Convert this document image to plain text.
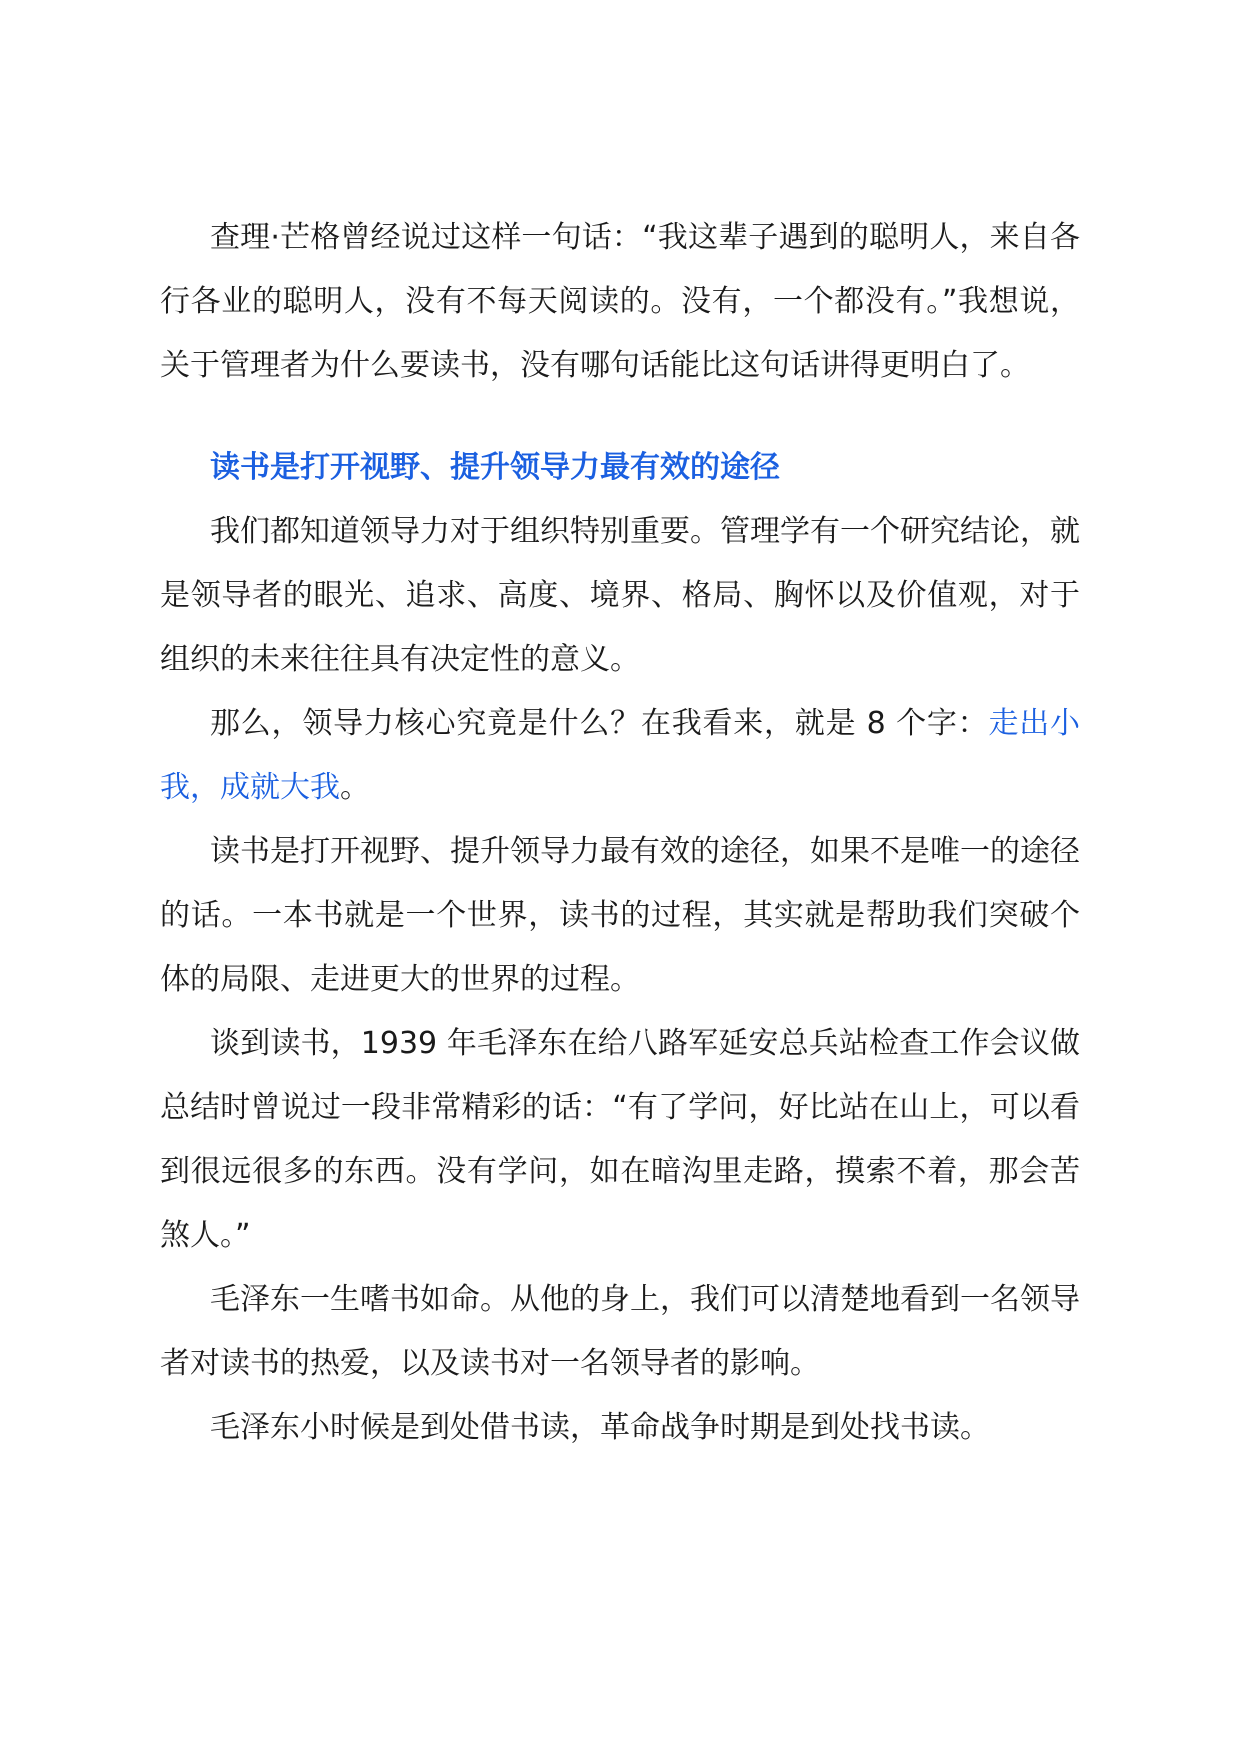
查理·芒格曾经说过这样一句话：“我这辈子遇到的聪明人，来自各行各业的聪明人，没有不每天阅读的。没有，一个都没有。”我想说，关于管理者为什么要读书，没有哪句话能比这句话讲得更明白了。

读书是打开视野、提升领导力最有效的途径

我们都知道领导力对于组织特别重要。管理学有一个研究结论，就是领导者的眼光、追求、高度、境界、格局、胸怀以及价值观，对于组织的未来往往具有决定性的意义。

那么，领导力核心究竟是什么？在我看来，就是 8 个字：走出小我，成就大我。

读书是打开视野、提升领导力最有效的途径，如果不是唯一的途径的话。一本书就是一个世界，读书的过程，其实就是帮助我们突破个体的局限、走进更大的世界的过程。

谈到读书，1939 年毛泽东在给八路军延安总兵站检查工作会议做总结时曾说过一段非常精彩的话：“有了学问，好比站在山上，可以看到很远很多的东西。没有学问，如在暗沟里走路，摸索不着，那会苦煞人。”

毛泽东一生嗜书如命。从他的身上，我们可以清楚地看到一名领导者对读书的热爱，以及读书对一名领导者的影响。

毛泽东小时候是到处借书读，革命战争时期是到处找书读。
